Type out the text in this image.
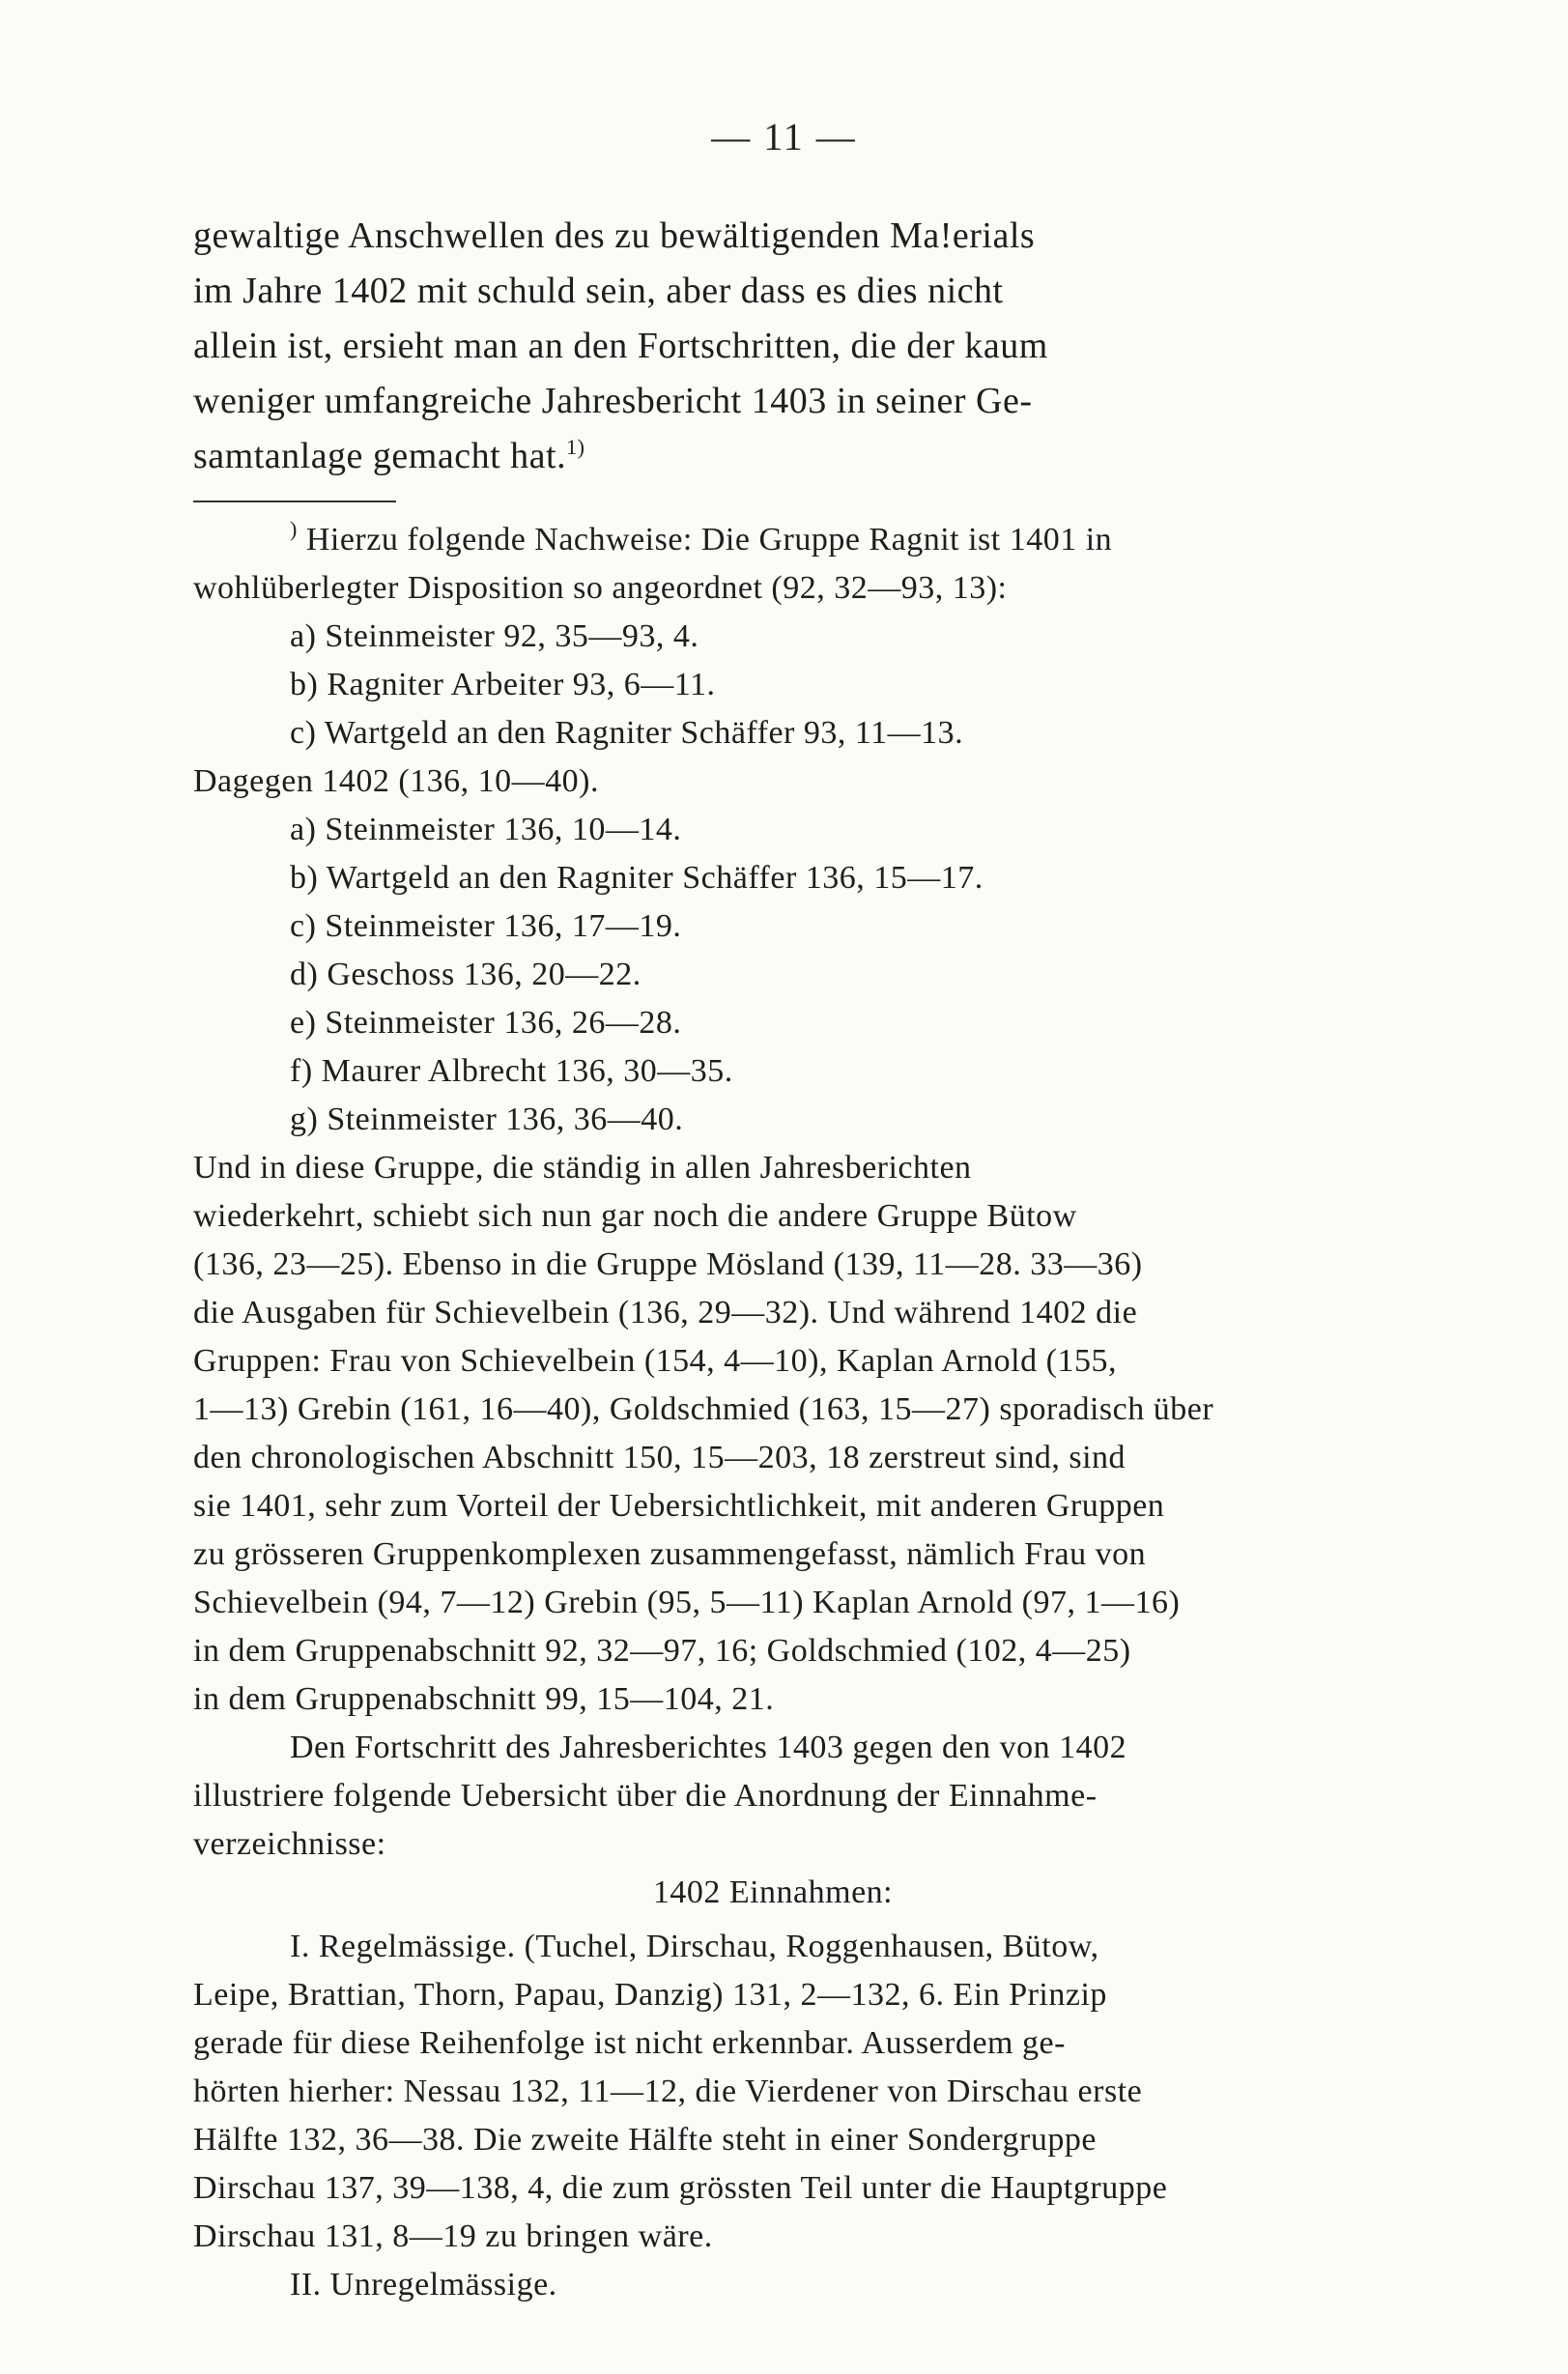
— 11 —
gewaltige Anschwellen des zu bewältigenden Ma!erials
im Jahre 1402 mit schuld sein, aber dass es dies nicht
allein ist, ersieht man an den Fortschritten, die der kaum
weniger umfangreiche Jahresbericht 1403 in seiner Ge-
samtanlage gemacht hat.$^{1)}$
) Hierzu folgende Nachweise: Die Gruppe Ragnit ist 1401 in
wohlüberlegter Disposition so angeordnet (92, 32—93, 13):
a) Steinmeister 92, 35—93, 4.
b) Ragniter Arbeiter 93, 6—11.
c) Wartgeld an den Ragniter Schäffer 93, 11—13.
Dagegen 1402 (136, 10—40).
a) Steinmeister 136, 10—14.
b) Wartgeld an den Ragniter Schäffer 136, 15—17.
c) Steinmeister 136, 17—19.
d) Geschoss 136, 20—22.
e) Steinmeister 136, 26—28.
f) Maurer Albrecht 136, 30—35.
g) Steinmeister 136, 36—40.
Und in diese Gruppe, die ständig in allen Jahresberichten
wiederkehrt, schiebt sich nun gar noch die andere Gruppe Bütow
(136, 23—25). Ebenso in die Gruppe Mösland (139, 11—28. 33—36)
die Ausgaben für Schievelbein (136, 29—32). Und während 1402 die
Gruppen: Frau von Schievelbein (154, 4—10), Kaplan Arnold (155,
1—13) Grebin (161, 16—40), Goldschmied (163, 15—27) sporadisch über
den chronologischen Abschnitt 150, 15—203, 18 zerstreut sind, sind
sie 1401, sehr zum Vorteil der Uebersichtlichkeit, mit anderen Gruppen
zu grösseren Gruppenkomplexen zusammengefasst, nämlich Frau von
Schievelbein (94, 7—12) Grebin (95, 5—11) Kaplan Arnold (97, 1—16)
in dem Gruppenabschnitt 92, 32—97, 16; Goldschmied (102, 4—25)
in dem Gruppenabschnitt 99, 15—104, 21.
Den Fortschritt des Jahresberichtes 1403 gegen den von 1402
illustriere folgende Uebersicht über die Anordnung der Einnahme-
verzeichnisse:
1402 Einnahmen:
I. Regelmässige. (Tuchel, Dirschau, Roggenhausen, Bütow,
Leipe, Brattian, Thorn, Papau, Danzig) 131, 2—132, 6. Ein Prinzip
gerade für diese Reihenfolge ist nicht erkennbar. Ausserdem ge-
hörten hierher: Nessau 132, 11—12, die Vierdener von Dirschau erste
Hälfte 132, 36—38. Die zweite Hälfte steht in einer Sondergruppe
Dirschau 137, 39—138, 4, die zum grössten Teil unter die Hauptgruppe
Dirschau 131, 8—19 zu bringen wäre.
II. Unregelmässige.
